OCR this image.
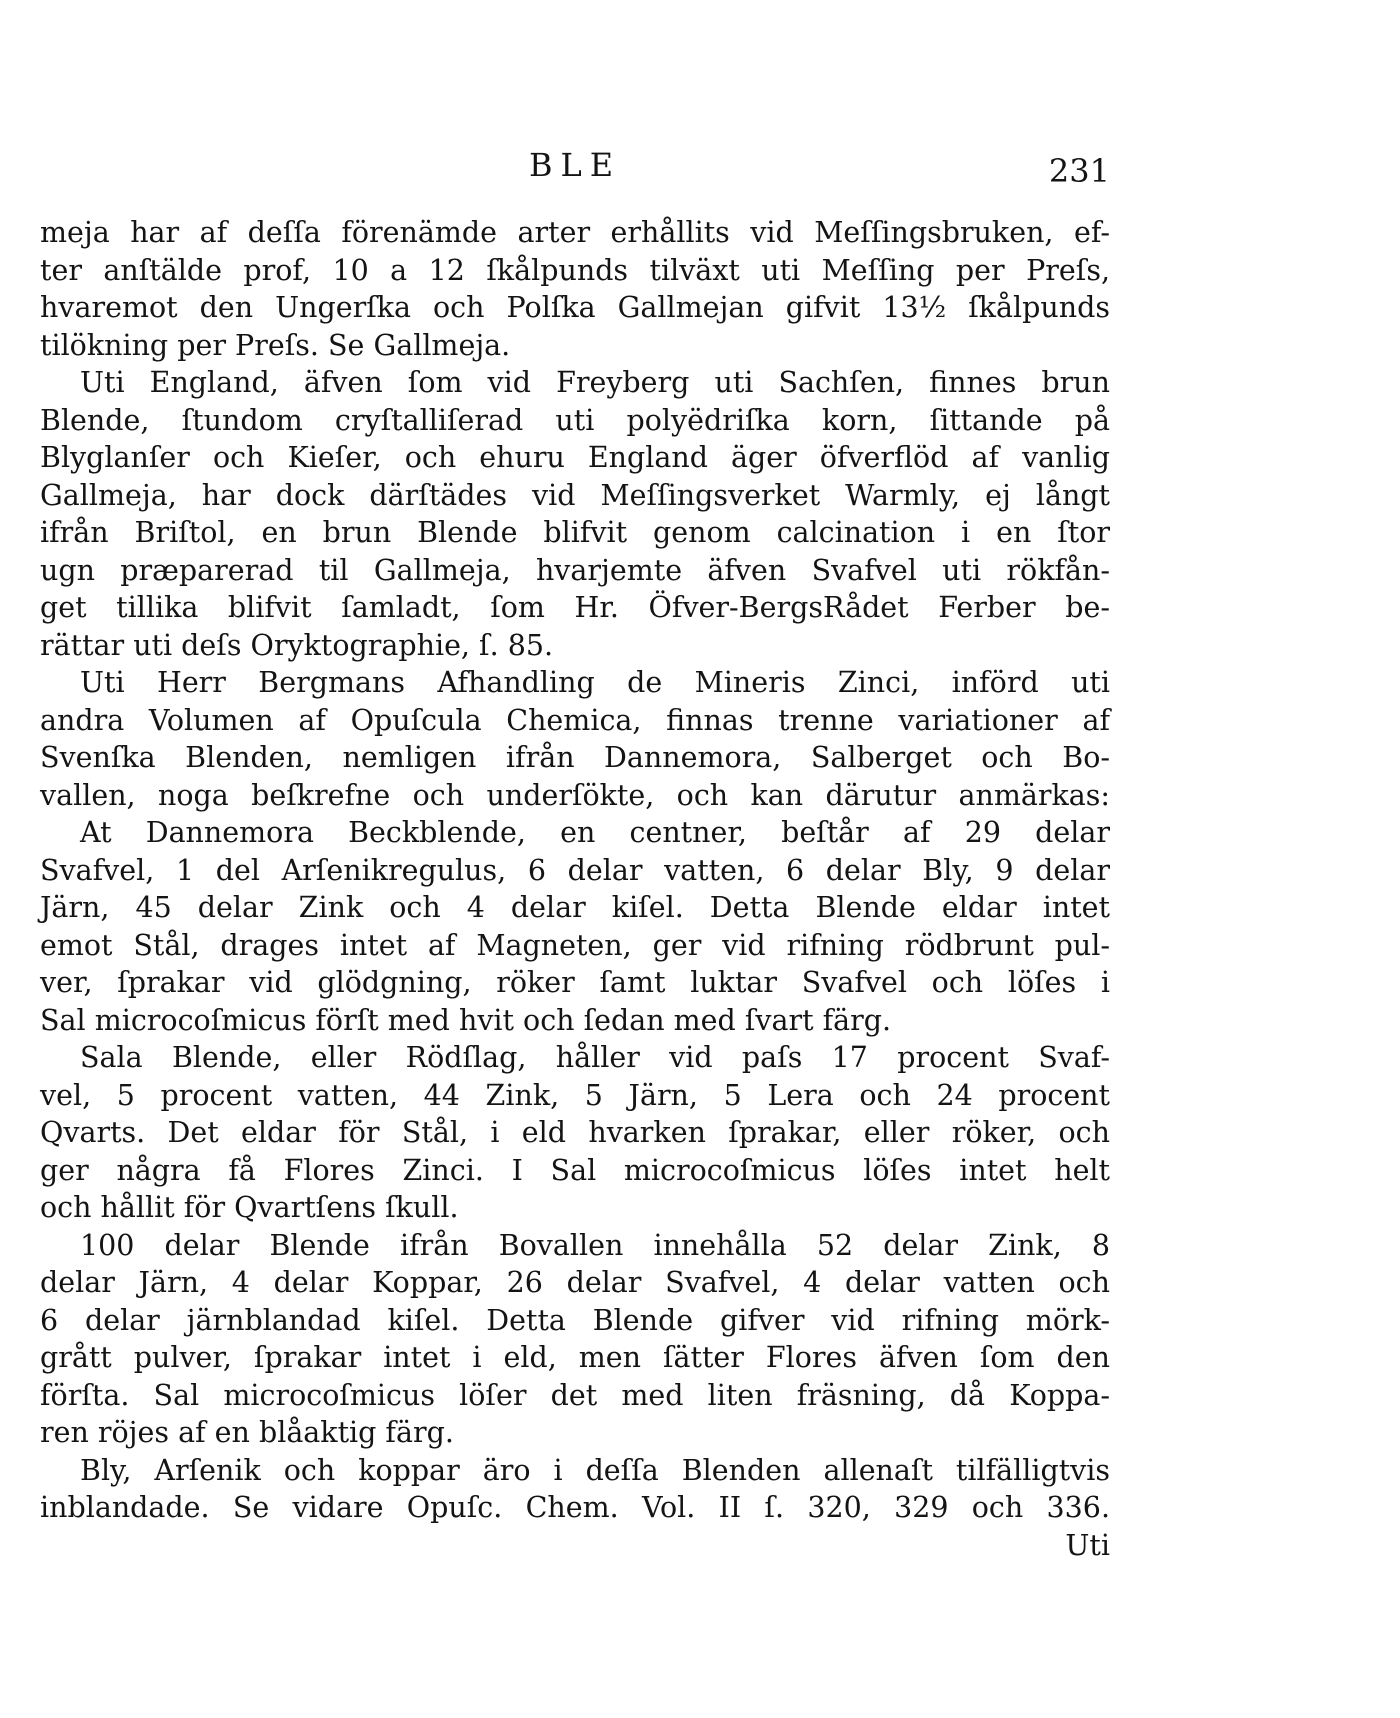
BLE	231
meja har af deſſa förenämde arter erhållits vid Meſſingsbruken, ef-
ter anſtälde prof, 10 a 12 ſkålpunds tilväxt uti Meſſing per Preſs,
hvaremot den Ungerſka och Polſka Gallmejan gifvit 13½ ſkålpunds
tilökning per Preſs. Se Gallmeja.
Uti England, äfven ſom vid Freyberg uti Sachſen, finnes brun
Blende, ſtundom cryſtalliſerad uti polyëdriſka korn, ſittande på
Blyglanſer och Kieſer, och ehuru England äger öfverflöd af vanlig
Gallmeja, har dock därſtädes vid Meſſingsverket Warmly, ej långt
ifrån Briſtol, en brun Blende blifvit genom calcination i en ſtor
ugn præparerad til Gallmeja, hvarjemte äfven Svafvel uti rökfån-
get tillika blifvit ſamladt, ſom Hr. Öfver-BergsRådet Ferber be-
rättar uti deſs Oryktographie, ſ. 85.
Uti Herr Bergmans Afhandling de Mineris Zinci, införd uti
andra Volumen af Opuſcula Chemica, finnas trenne variationer af
Svenſka Blenden, nemligen ifrån Dannemora, Salberget och Bo-
vallen, noga beſkrefne och underſökte, och kan därutur anmärkas:
At Dannemora Beckblende, en centner, beſtår af 29 delar
Svafvel, 1 del Arſenikregulus, 6 delar vatten, 6 delar Bly, 9 delar
Järn, 45 delar Zink och 4 delar kiſel. Detta Blende eldar intet
emot Stål, drages intet af Magneten, ger vid rifning rödbrunt pul-
ver, ſprakar vid glödgning, röker ſamt luktar Svafvel och löſes i
Sal microcoſmicus förſt med hvit och ſedan med ſvart färg.
Sala Blende, eller Rödſlag, håller vid paſs 17 procent Svaf-
vel, 5 procent vatten, 44 Zink, 5 Järn, 5 Lera och 24 procent
Qvarts. Det eldar för Stål, i eld hvarken ſprakar, eller röker, och
ger några få Flores Zinci. I Sal microcoſmicus löſes intet helt
och hållit för Qvartſens ſkull.
100 delar Blende ifrån Bovallen innehålla 52 delar Zink, 8
delar Järn, 4 delar Koppar, 26 delar Svafvel, 4 delar vatten och
6 delar järnblandad kiſel. Detta Blende gifver vid rifning mörk-
grått pulver, ſprakar intet i eld, men ſätter Flores äfven ſom den
förſta. Sal microcoſmicus löſer det med liten fräsning, då Koppa-
ren röjes af en blåaktig färg.
Bly, Arſenik och koppar äro i deſſa Blenden allenaſt tilfälligtvis
inblandade. Se vidare Opuſc. Chem. Vol. II ſ. 320, 329 och 336.
Uti
